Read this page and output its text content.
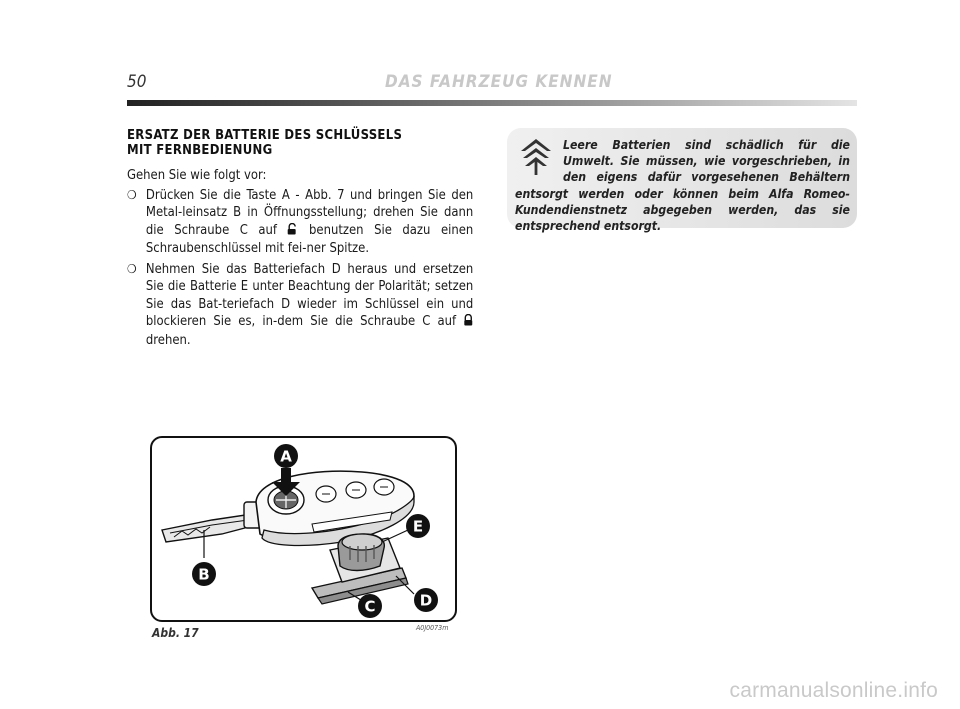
50	DAS FAHRZEUG KENNEN
ERSATZ DER BATTERIE DES SCHLÜSSELS
MIT FERNBEDIENUNG

Gehen Sie wie folgt vor:

❍ Drücken Sie die Taste A - Abb. 7 und bringen Sie den Metal-leinsatz B in Öffnungsstellung; drehen Sie dann die Schraube C auf  benutzen Sie dazu einen Schraubenschlüssel mit fei-ner Spitze.
❍ Nehmen Sie das Batteriefach D heraus und ersetzen Sie die Batterie E unter Beachtung der Polarität; setzen Sie das Bat-teriefach D wieder im Schlüssel ein und blockieren Sie es, in-dem Sie die Schraube C auf  drehen.
Leere Batterien sind schädlich für die Umwelt. Sie müssen, wie vorgeschrieben, in den eigens dafür vorgesehenen Behältern entsorgt werden oder können beim Alfa Romeo-Kundendienstnetz abgegeben werden, das sie entsprechend entsorgt.
A
B
E
D
C
Abb. 17	A0J0073m
carmanualsonline.info
